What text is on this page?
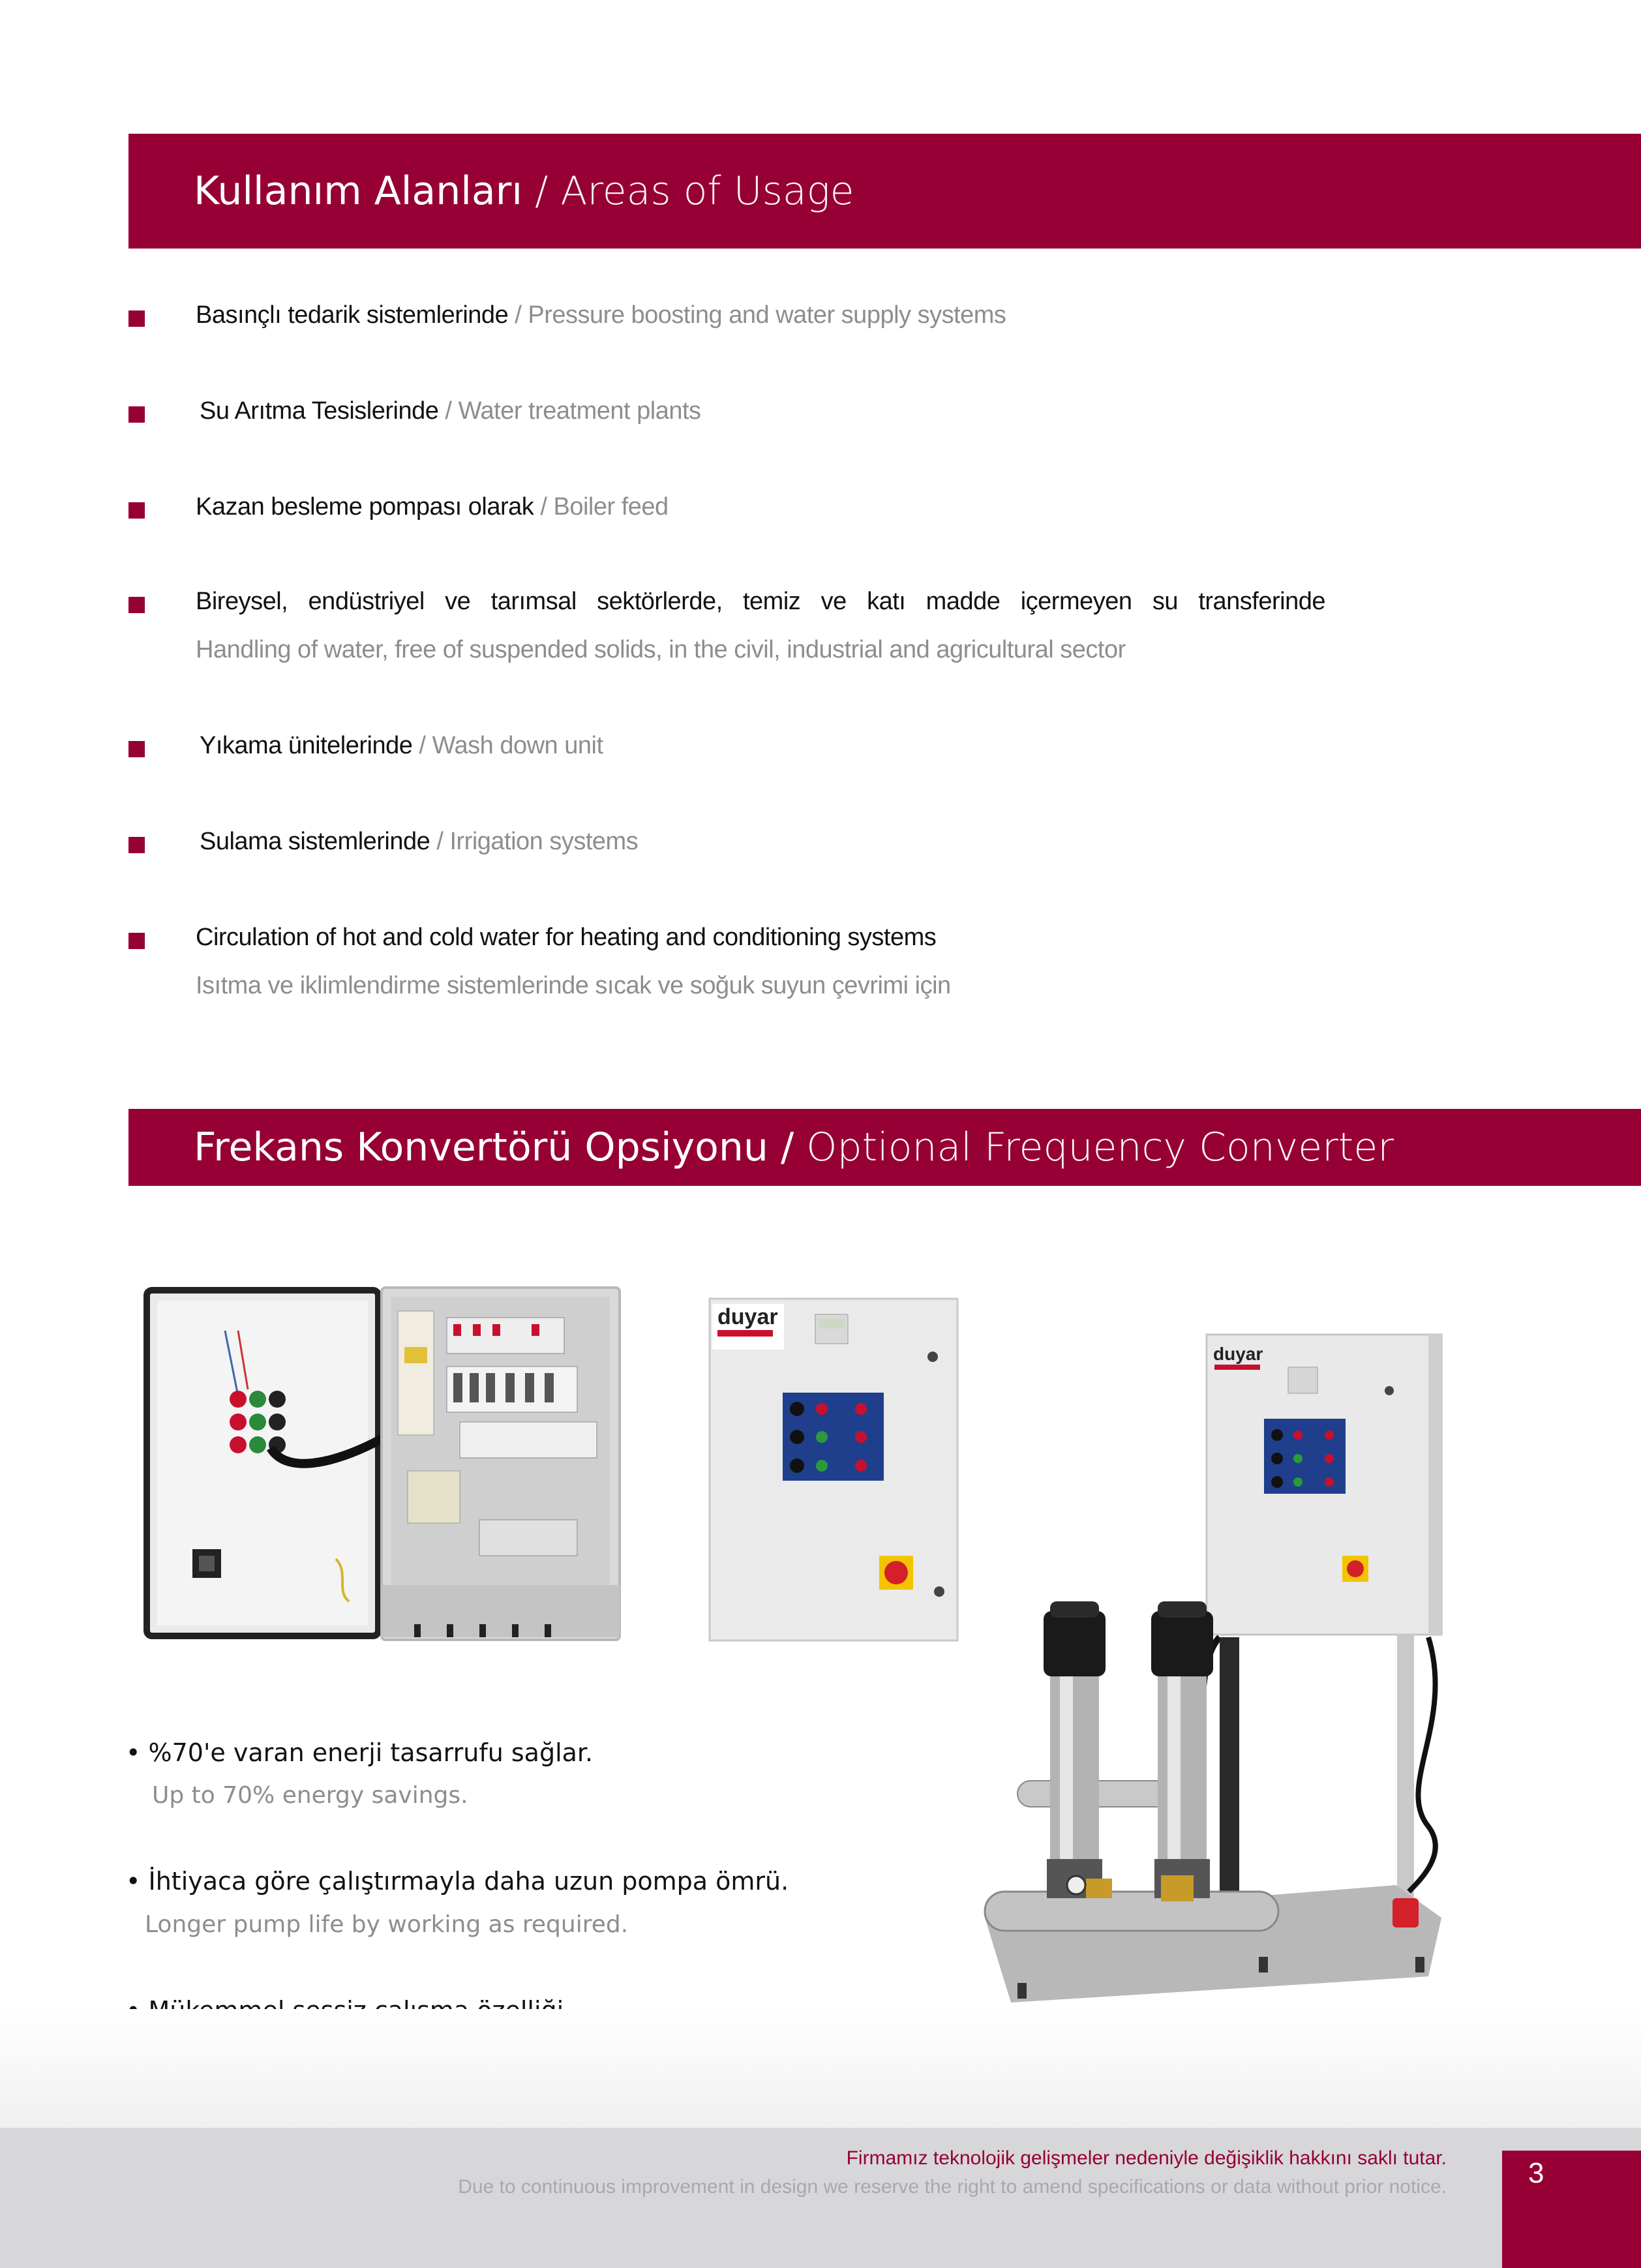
Kullanım Alanları / Areas of Usage
Basınçlı tedarik sistemlerinde / Pressure boosting and water supply systems
Su Arıtma Tesislerinde / Water treatment plants
Kazan besleme pompası olarak / Boiler feed
Bireysel, endüstriyel ve tarımsal sektörlerde, temiz ve katı madde içermeyen su transferinde
Handling of water, free of suspended solids, in the civil, industrial and agricultural sector
Yıkama ünitelerinde / Wash down unit
Sulama sistemlerinde / Irrigation systems
Circulation of hot and cold water for heating and conditioning systems
Isıtma ve iklimlendirme sistemlerinde sıcak ve soğuk suyun çevrimi için
Frekans Konvertörü Opsiyonu / Optional Frequency Converter
duyar
duyar
• %70'e varan enerji tasarrufu sağlar.
Up to 70% energy savings.
• İhtiyaca göre çalıştırmayla daha uzun pompa ömrü.
Longer pump life by working as required.
Firmamız teknolojik gelişmeler nedeniyle değişiklik hakkını saklı tutar.
Due to continuous improvement in design we reserve the right to amend specifications or data without prior notice.	3
